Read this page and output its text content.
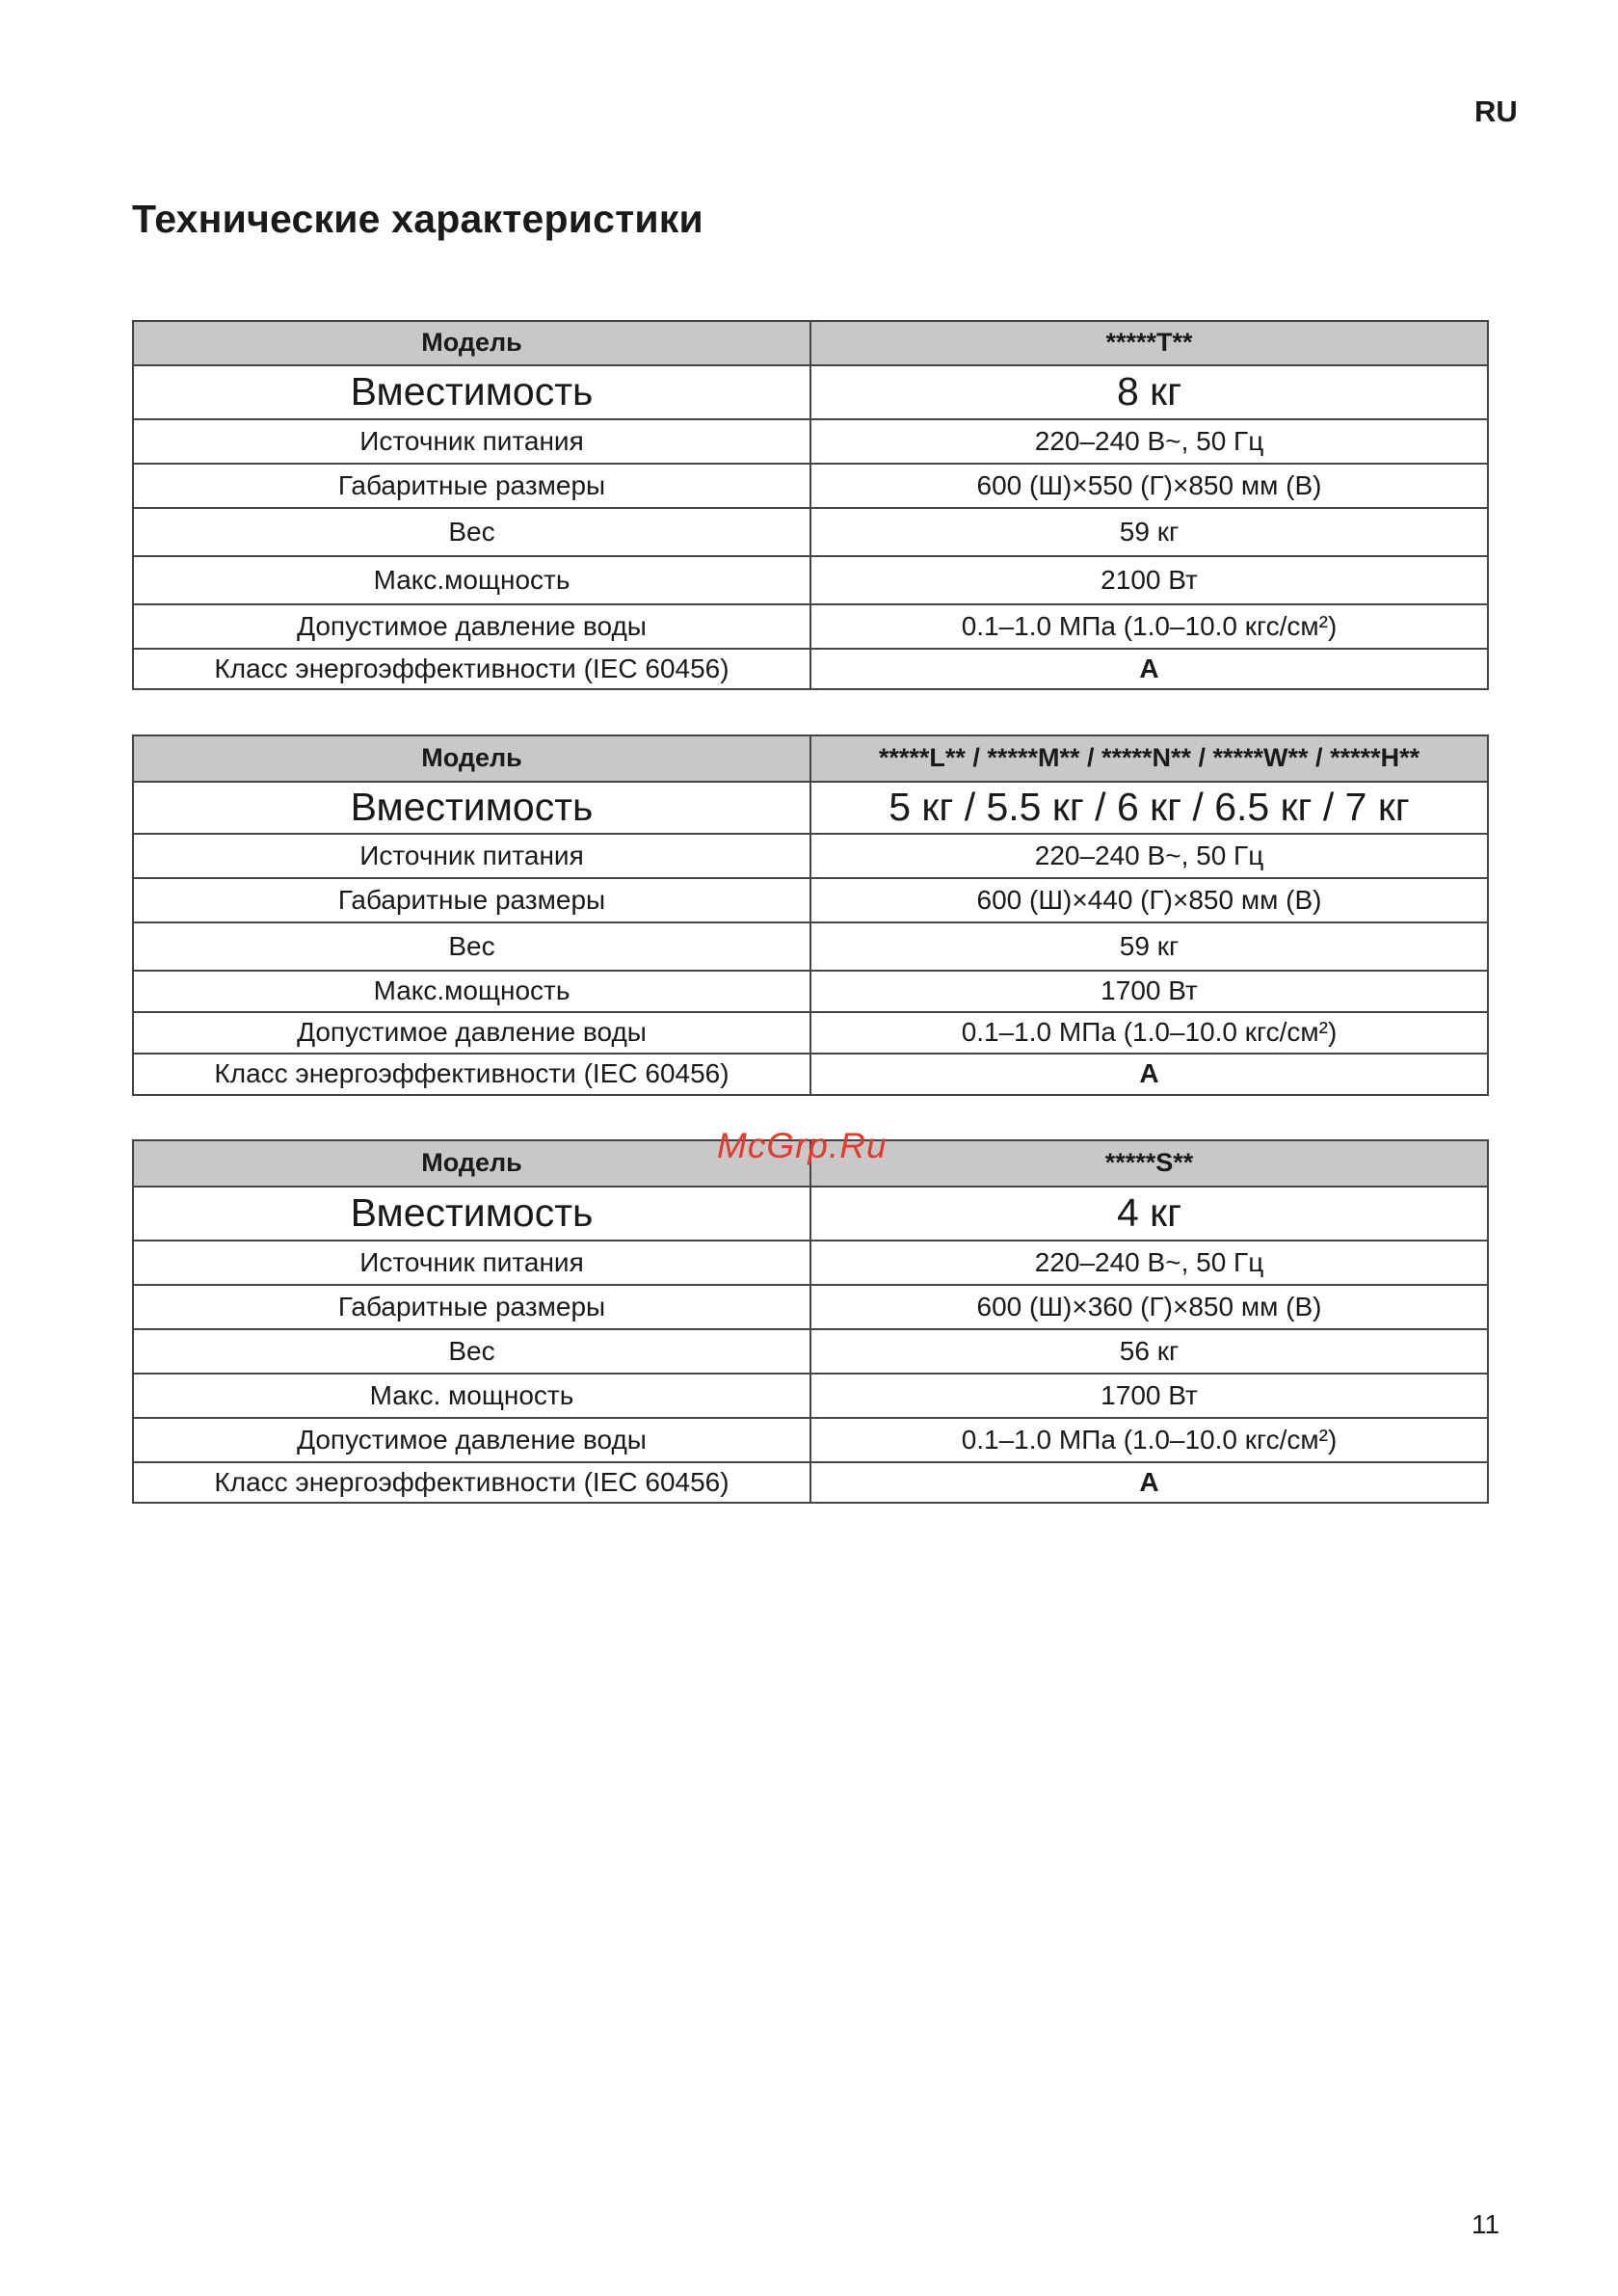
RU
Технические характеристики
Модель	*****T**
Вместимость	8 кг
Источник питания	220–240 В~, 50 Гц
Габаритные размеры	600 (Ш)×550 (Г)×850 мм (В)
Вес	59 кг
Макс.мощность	2100 Вт
Допустимое давление воды	0.1–1.0 МПа (1.0–10.0 кгс/см²)
Класс энергоэффективности (IEC 60456)	A
Модель	*****L** / *****M** / *****N** / *****W** / *****H**
Вместимость	5 кг / 5.5 кг / 6 кг / 6.5 кг / 7 кг
Источник питания	220–240 В~, 50 Гц
Габаритные размеры	600 (Ш)×440 (Г)×850 мм (В)
Вес	59 кг
Макс.мощность	1700 Вт
Допустимое давление воды	0.1–1.0 МПа (1.0–10.0 кгс/см²)
Класс энергоэффективности (IEC 60456)	A
Модель	*****S**
Вместимость	4 кг
Источник питания	220–240 В~, 50 Гц
Габаритные размеры	600 (Ш)×360 (Г)×850 мм (В)
Вес	56 кг
Макс. мощность	1700 Вт
Допустимое давление воды	0.1–1.0 МПа (1.0–10.0 кгс/см²)
Класс энергоэффективности (IEC 60456)	A
McGrp.Ru
11
